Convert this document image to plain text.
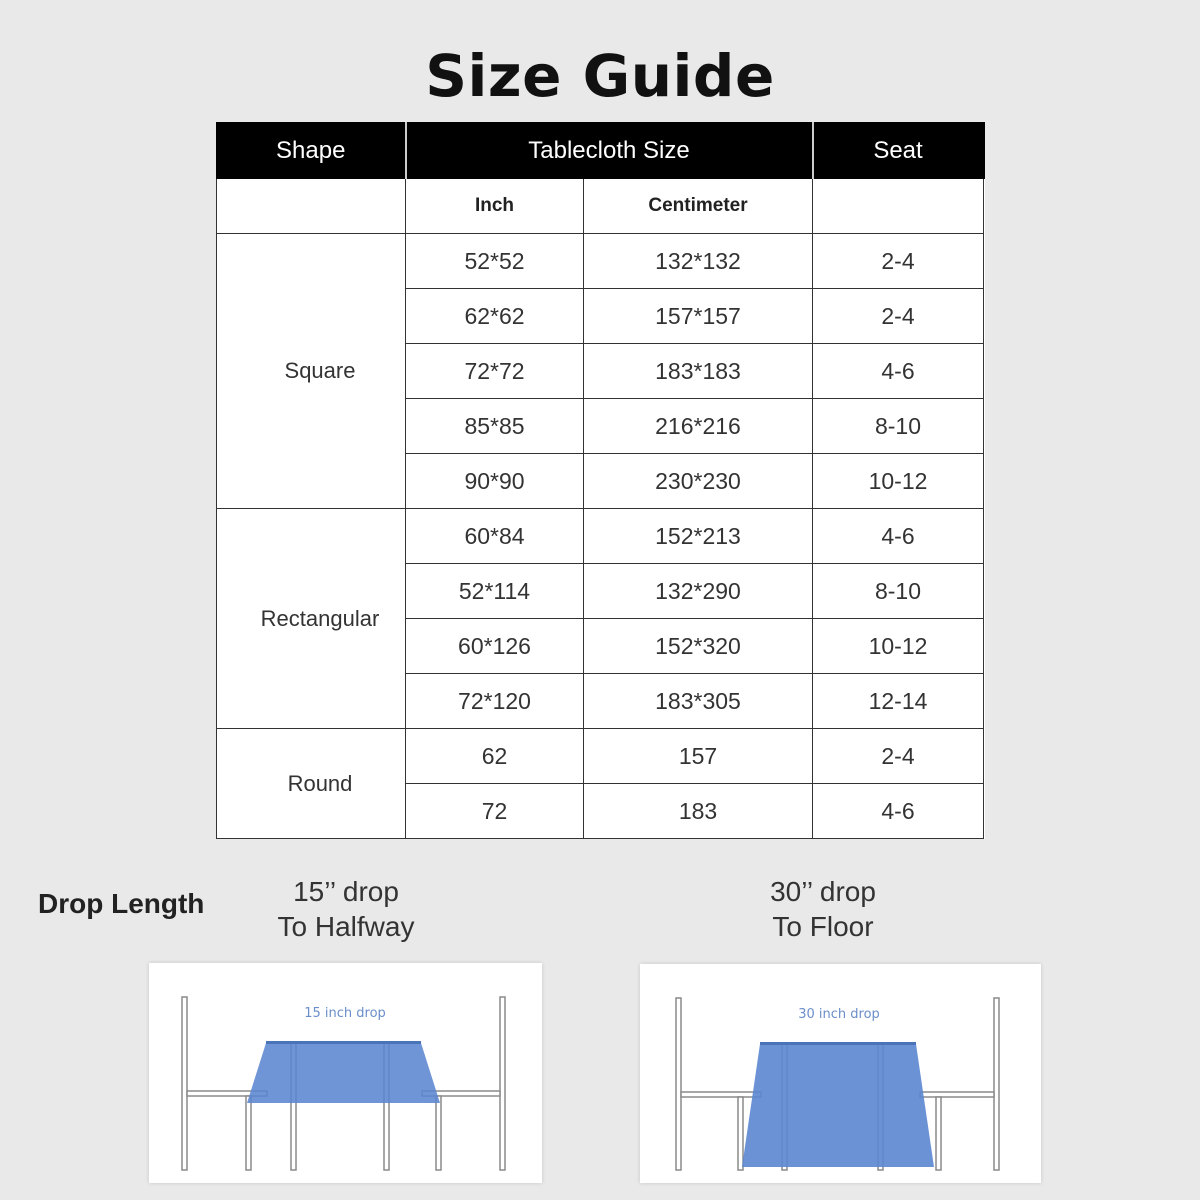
Size Guide
Shape	Tablecloth Size		Seat
	Inch	Centimeter	
Square	52*52	132*132	2-4
	62*62	157*157	2-4
	72*72	183*183	4-6
	85*85	216*216	8-10
	90*90	230*230	10-12
Rectangular	60*84	152*213	4-6
	52*114	132*290	8-10
	60*126	152*320	10-12
	72*120	183*305	12-14
Round	62	157	2-4
	72	183	4-6
Drop Length	15’’ drop
To Halfway
30’’ drop
To Floor
15 inch drop	30 inch drop
